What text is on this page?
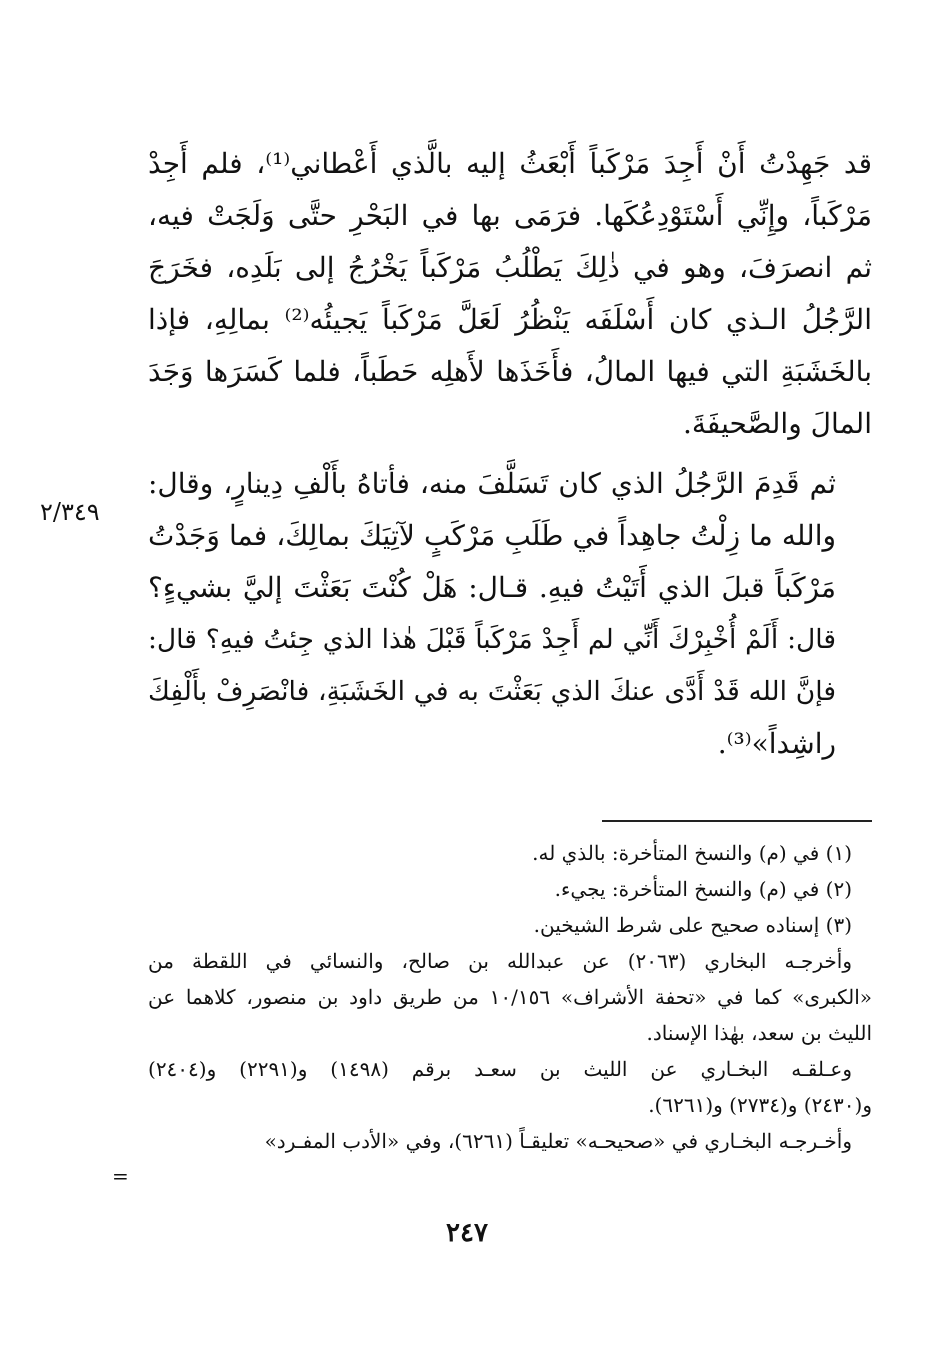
قد جَهِدْتُ أَنْ أَجِدَ مَرْكَباً أَبْعَثُ إليه بالَّذي أَعْطاني⁽¹⁾، فلم أَجِدْ
مَرْكَباً، وإِنِّي أَسْتَوْدِعُكَها. فرَمَى بها في البَحْرِ حتَّى وَلَجَتْ فيه،
ثم انصرَفَ، وهو في ذٰلِكَ يَطْلُبُ مَرْكَباً يَخْرُجُ إلى بَلَدِه، فخَرَجَ
الرَّجُلُ الـذي كان أَسْلَفَه يَنْظُرُ لَعَلَّ مَرْكَباً يَجيئُه⁽²⁾ بمالِهِ، فإذا
بالخَشَبَةِ التي فيها المالُ، فأَخَذَها لأَهلِه حَطَباً، فلما كَسَرَها وَجَدَ
المالَ والصَّحيفَةَ.

ثم قَدِمَ الرَّجُلُ الذي كان تَسَلَّفَ منه، فأتاهُ بأَلْفِ دِينارٍ، وقال:
والله ما زِلْتُ جاهِداً في طَلَبِ مَرْكَبٍ لآتِيَكَ بمالِكَ، فما وَجَدْتُ
مَرْكَباً قبلَ الذي أَتَيْتُ فيهِ. قـال: هَلْ كُنْتَ بَعَثْتَ إليَّ بشيءٍ؟
قال: أَلَمْ أُخْبِرْكَ أَنِّي لم أَجِدْ مَرْكَباً قَبْلَ هٰذا الذي جِئتُ فيهِ؟ قال:
فإنَّ الله قَدْ أَدَّى عنكَ الذي بَعَثْتَ به في الخَشَبَةِ، فانْصَرِفْ بأَلْفِكَ
راشِداً»⁽³⁾.

٢/٣٤٩
(١) في (م) والنسخ المتأخرة: بالذي له.
(٢) في (م) والنسخ المتأخرة: يجيء.
(٣) إسناده صحيح على شرط الشيخين.
وأخرجـه البخاري (٢٠٦٣) عن عبدالله بن صالح، والنسائي في اللقطة من
«الكبرى» كما في «تحفة الأشراف» ١٠/١٥٦ من طريق داود بن منصور، كلاهما عن
الليث بن سعد، بهٰذا الإسناد.
وعـلقـه البخـاري عن الليث بن سعـد برقم (١٤٩٨) و(٢٢٩١) و(٢٤٠٤)
و(٢٤٣٠) و(٢٧٣٤) و(٦٢٦١).
وأخـرجـه البخـاري في «صحيحـه» تعليقـاً (٦٢٦١)، وفي «الأدب المفـرد»
=
٢٤٧
